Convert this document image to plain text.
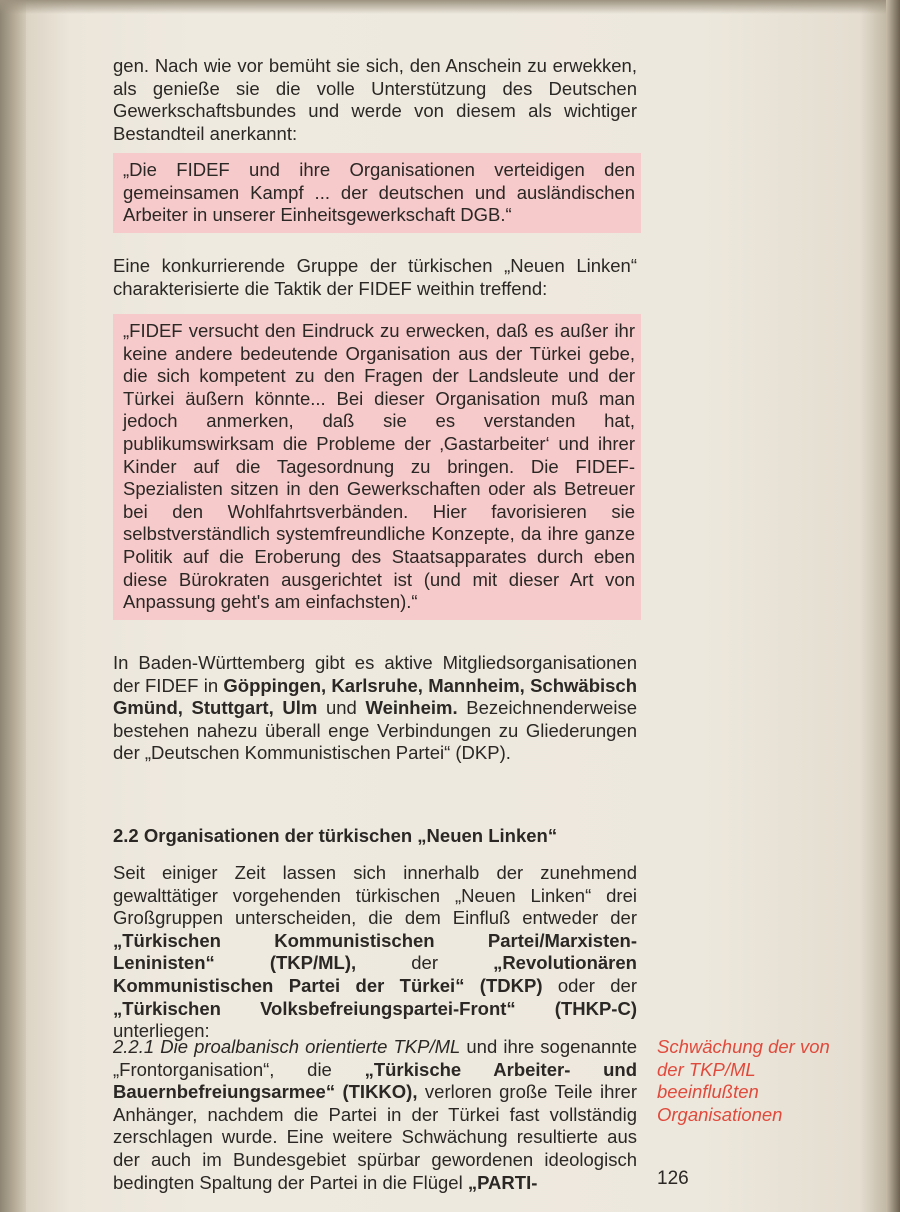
gen. Nach wie vor bemüht sie sich, den Anschein zu erwekken, als genieße sie die volle Unterstützung des Deutschen Gewerkschaftsbundes und werde von diesem als wichtiger Bestandteil anerkannt:

„Die FIDEF und ihre Organisationen verteidigen den gemeinsamen Kampf ... der deutschen und ausländischen Arbeiter in unserer Einheitsgewerkschaft DGB.“

Eine konkurrierende Gruppe der türkischen „Neuen Linken“ charakterisierte die Taktik der FIDEF weithin treffend:

„FIDEF versucht den Eindruck zu erwecken, daß es außer ihr keine andere bedeutende Organisation aus der Türkei gebe, die sich kompetent zu den Fragen der Landsleute und der Türkei äußern könnte... Bei dieser Organisation muß man jedoch anmerken, daß sie es verstanden hat, publikumswirksam die Probleme der ‚Gastarbeiter‘ und ihrer Kinder auf die Tagesordnung zu bringen. Die FIDEF-Spezialisten sitzen in den Gewerkschaften oder als Betreuer bei den Wohlfahrtsverbänden. Hier favorisieren sie selbstverständlich systemfreundliche Konzepte, da ihre ganze Politik auf die Eroberung des Staatsapparates durch eben diese Bürokraten ausgerichtet ist (und mit dieser Art von Anpassung geht's am einfachsten).“

In Baden-Württemberg gibt es aktive Mitgliedsorganisationen der FIDEF in Göppingen, Karlsruhe, Mannheim, Schwäbisch Gmünd, Stuttgart, Ulm und Weinheim. Bezeichnenderweise bestehen nahezu überall enge Verbindungen zu Gliederungen der „Deutschen Kommunistischen Partei“ (DKP).

2.2 Organisationen der türkischen „Neuen Linken“

Seit einiger Zeit lassen sich innerhalb der zunehmend gewalttätiger vorgehenden türkischen „Neuen Linken“ drei Großgruppen unterscheiden, die dem Einfluß entweder der „Türkischen Kommunistischen Partei/Marxisten-Leninisten“ (TKP/ML), der „Revolutionären Kommunistischen Partei der Türkei“ (TDKP) oder der „Türkischen Volksbefreiungspartei-Front“ (THKP-C) unterliegen:

2.2.1 Die proalbanisch orientierte TKP/ML und ihre sogenannte „Frontorganisation“, die „Türkische Arbeiter- und Bauernbefreiungsarmee“ (TIKKO), verloren große Teile ihrer Anhänger, nachdem die Partei in der Türkei fast vollständig zerschlagen wurde. Eine weitere Schwächung resultierte aus der auch im Bundesgebiet spürbar gewordenen ideologisch bedingten Spaltung der Partei in die Flügel „PARTI-

Schwächung der von der TKP/ML beeinflußten Organisationen
126
